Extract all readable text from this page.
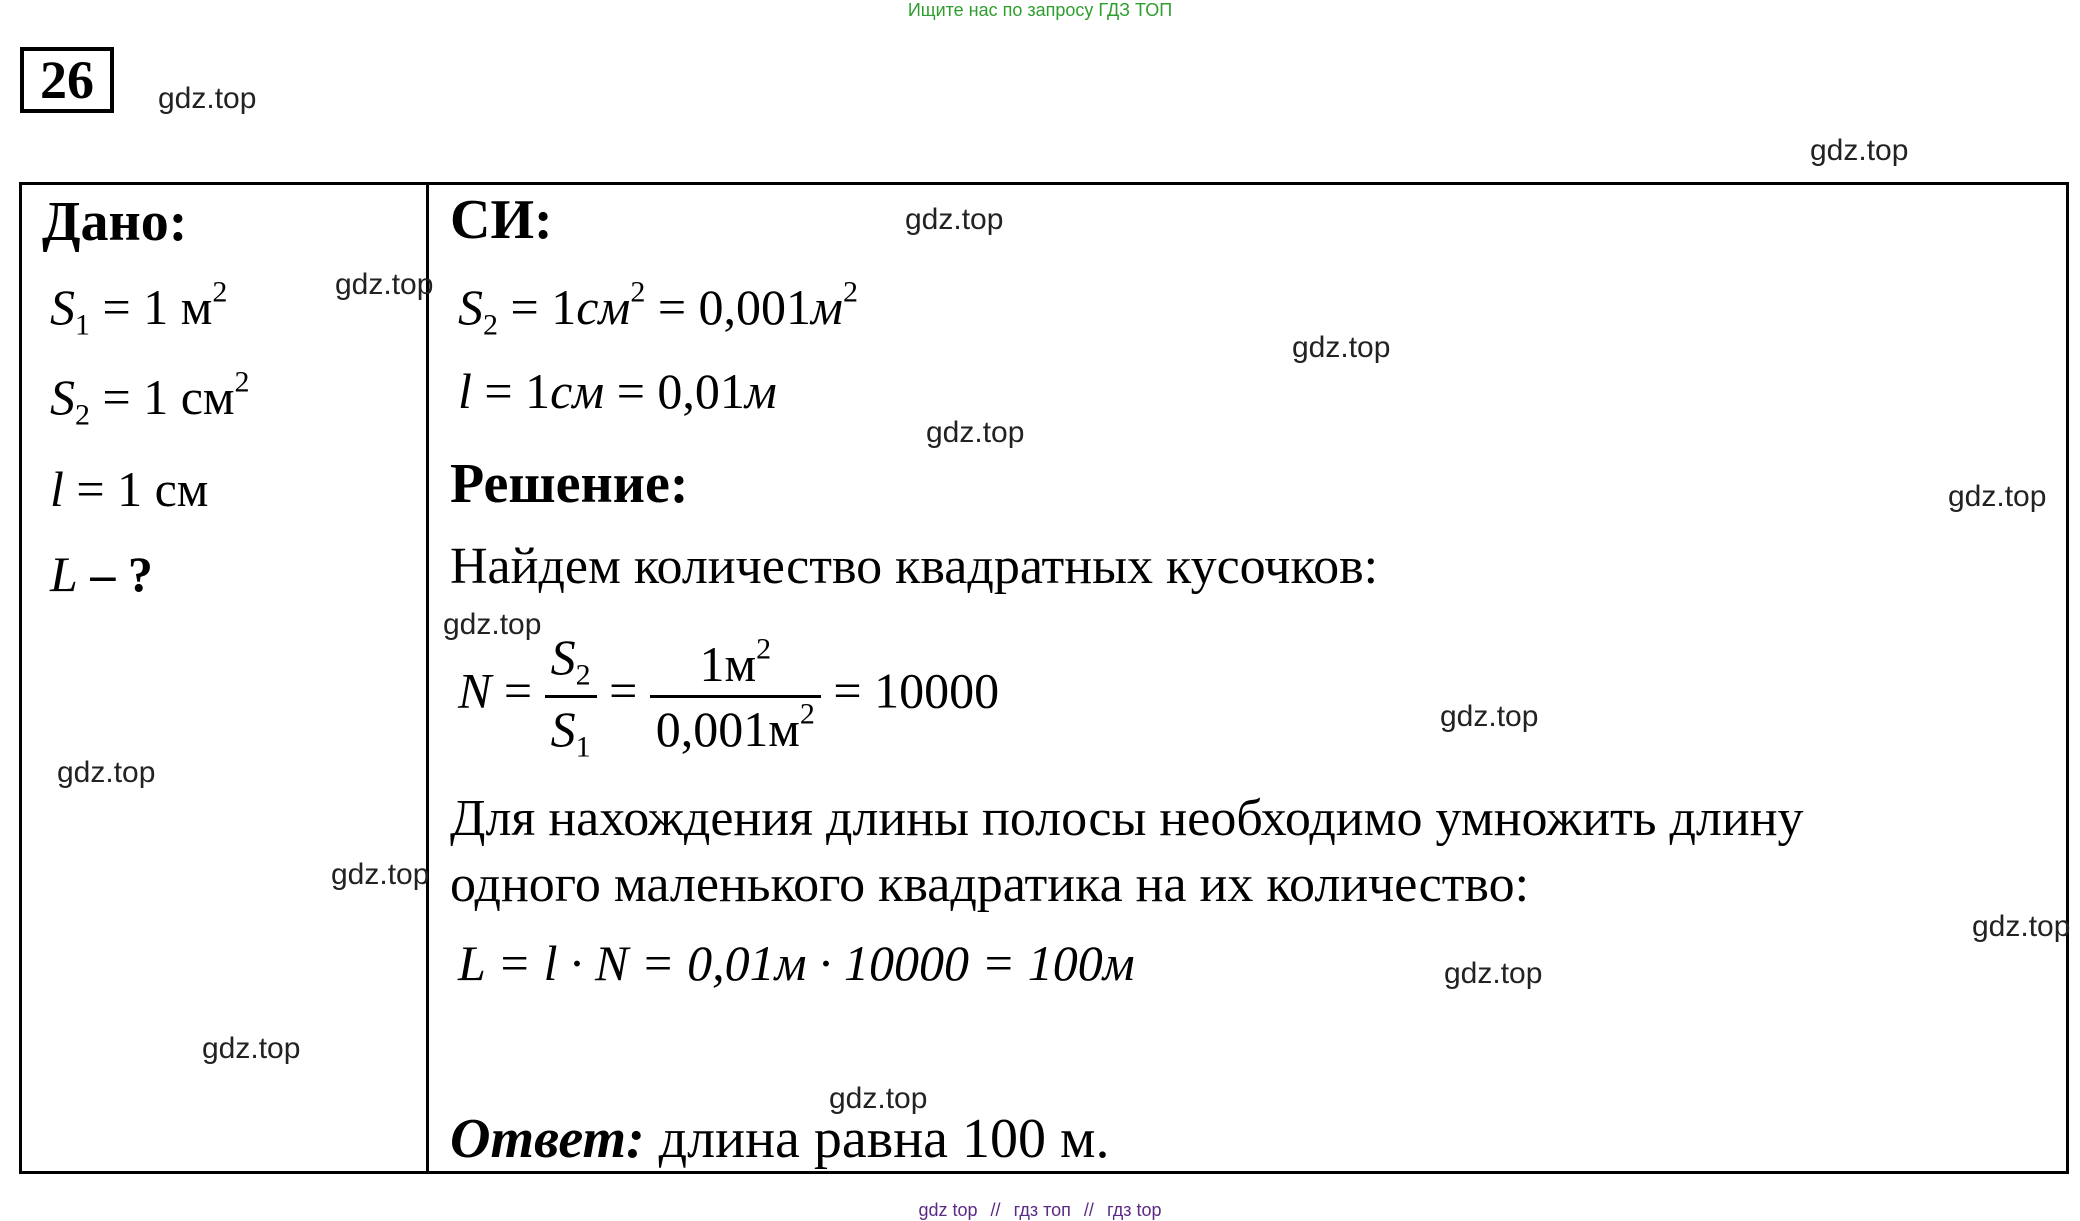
Ищите нас по запросу ГДЗ ТОП
26
Дано:
$S_1 = 1$ $м^2$
$S_2 = 1$ $см^2$
l = 1 см
L – ?
СИ:
$S_2 = 1см^2 = 0,001м^2$
l = 1см = 0,01м
Решение:
Найдем количество квадратных кусочков:
$N = \frac{S_2}{S_1} = \frac{1м^2}{0,001м^2} = 10000$
Для нахождения длины полосы необходимо умножить длину
одного маленького квадратика на их количество:
L = l · N = 0,01м · 10000 = 100м
Ответ: длина равна 100 м.
gdz.top
gdz.top
gdz.top
gdz.top
gdz.top
gdz.top
gdz.top
gdz.top
gdz.top
gdz.top
gdz.top
gdz.top
gdz.top
gdz.top
gdz.top
gdz top // гдз топ // гдз top
